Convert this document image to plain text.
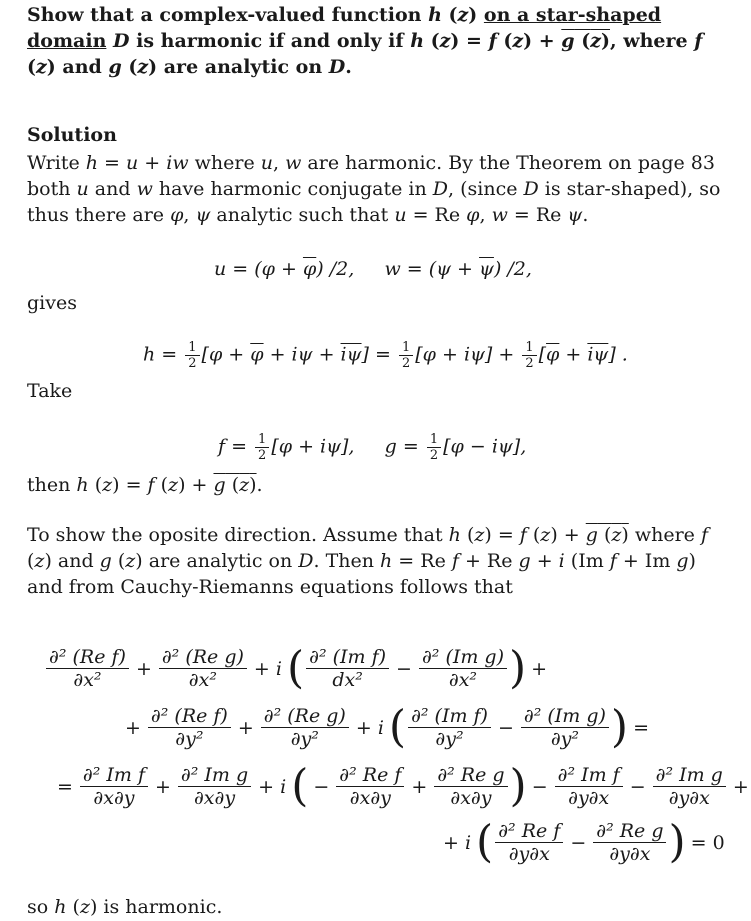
Show that a complex-valued function h (z) on a star-shaped domain D is harmonic if and only if h (z) = f (z) + g (z), where f (z) and g (z) are analytic on D.
Solution
Write h = u + iw where u, w are harmonic. By the Theorem on page 83 both u and w have harmonic conjugate in D, (since D is star-shaped), so thus there are φ, ψ analytic such that u = Re φ, w = Re ψ.
$u = (\varphi + \overline{\varphi})$ /2,     $w = (\psi + \overline{\psi})$ /2,
gives
$h = \frac{1}{2} [\varphi + \overline{\varphi} + i\psi + \overline{i\psi}] = \frac{1}{2} [\varphi + i\psi] + \frac{1}{2} [\overline{\varphi} + \overline{i\psi}]$ .
Take
$f = \frac{1}{2} [\varphi + i\psi]$,     $g = \frac{1}{2} [\varphi - i\psi]$,
then h (z) = f (z) + g (z).
To show the oposite direction. Assume that h (z) = f (z) + g (z) where f (z) and g (z) are analytic on D. Then h = Re f + Re g + i (Im f + Im g) and from Cauchy-Riemanns equations follows that
$\frac{\text{∂² (Re f)}}{\text{∂x²}} + \frac{\text{∂² (Re g)}}{\text{∂x²}} + i$ ( $\frac{\text{∂² (Im f)}}{\text{dx²}} - \frac{\text{∂² (Im g)}}{\text{∂x²}}$ ) +
+ $\frac{\text{∂² (Re f)}}{\text{∂y²}} + \frac{\text{∂² (Re g)}}{\text{∂y²}} + i$ ( $\frac{\text{∂² (Im f)}}{\text{∂y²}} - \frac{\text{∂² (Im g)}}{\text{∂y²}}$ ) =
= $\frac{\text{∂² Im f}}{\partial x\partial y} + \frac{\text{∂² Im g}}{\partial x\partial y} + i$ ( − $\frac{\text{∂² Re f}}{\partial x\partial y} + \frac{\text{∂² Re g}}{\partial x\partial y}$ ) − $\frac{\text{∂² Im f}}{\partial y\partial x} - \frac{\text{∂² Im g}}{\partial y\partial x}$ +
+ i ( $\frac{\text{∂² Re f}}{\partial y\partial x} - \frac{\text{∂² Re g}}{\partial y\partial x}$ ) = 0
so h (z) is harmonic.
